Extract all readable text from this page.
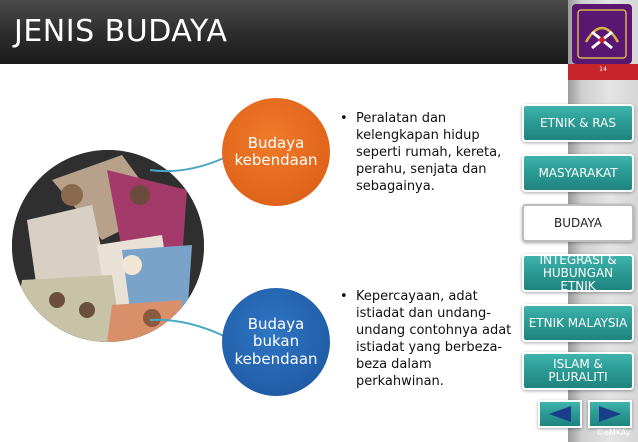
JENIS BUDAYA
14
Budaya
kebendaan
Budaya
bukan
kebendaan
• Peralatan dan kelengkapan hidup seperti rumah, kereta, perahu, senjata dan sebagainya.
• Kepercayaan, adat istiadat dan undang-undang contohnya adat istiadat yang berbeza-beza dalam perkahwinan.
ETNIK & RAS
MASYARAKAT
BUDAYA
INTEGRASI &
HUBUNGAN ETNIK
ETNIK MALAYSIA
ISLAM &
PLURALITI
©eMKAy
